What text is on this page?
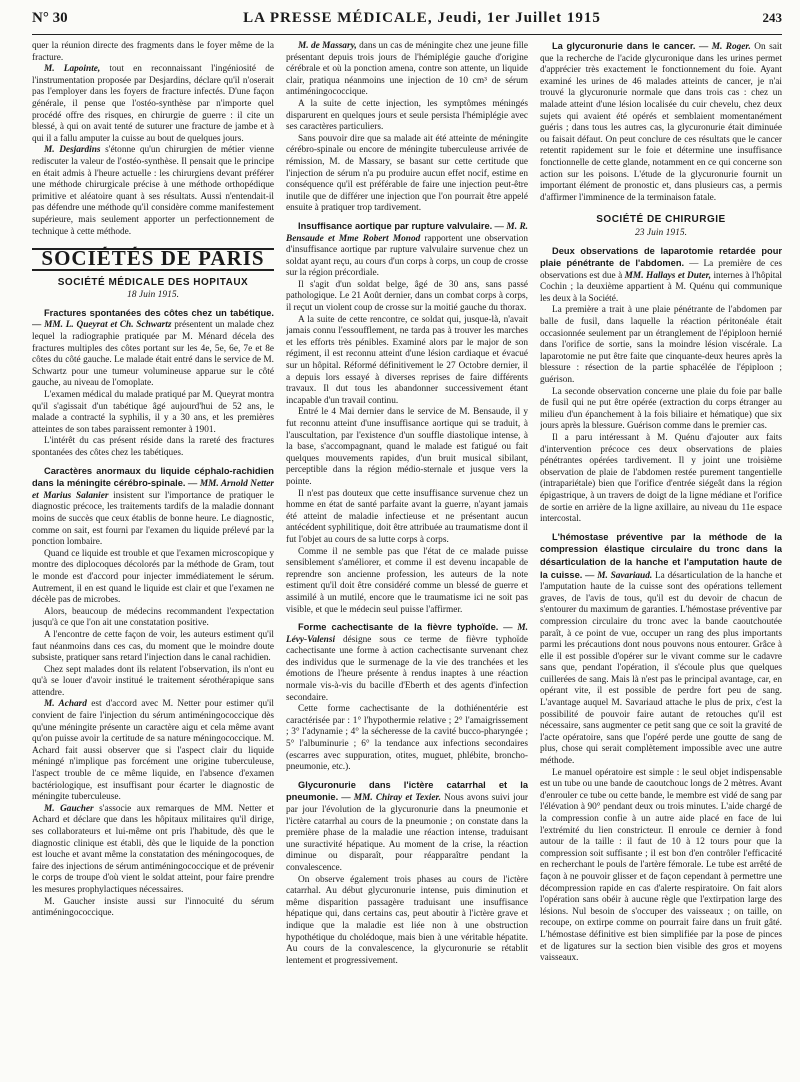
N° 30	LA PRESSE MÉDICALE, Jeudi, 1er Juillet 1915	243

quer la réunion directe des fragments dans le foyer même de la fracture.

M. Lapointe, tout en reconnaissant l'ingéniosité de l'instrumentation proposée par Desjardins, déclare qu'il n'oserait pas l'employer dans les foyers de fracture infectés. D'une façon générale, il pense que l'ostéo-synthèse par n'importe quel procédé offre des risques, en chirurgie de guerre : il cite un blessé, à qui on avait tenté de suturer une fracture de jambe et à qui il a fallu amputer la cuisse au bout de quelques jours.

M. Desjardins s'étonne qu'un chirurgien de métier vienne rediscuter la valeur de l'ostéo-synthèse. Il pensait que le principe en était admis à l'heure actuelle : les chirurgiens devant préférer une méthode chirurgicale précise à une méthode orthopédique primitive et aléatoire quant à ses résultats. Aussi n'entendait-il pas défendre une méthode qu'il considère comme manifestement supérieure, mais seulement apporter un perfectionnement de technique à cette méthode.

SOCIÉTÉS DE PARIS
SOCIÉTÉ MÉDICALE DES HOPITAUX
18 Juin 1915.

Fractures spontanées des côtes chez un tabétique. — MM. L. Queyrat et Ch. Schwartz présentent un malade chez lequel la radiographie pratiquée par M. Ménard décela des fractures multiples des côtes portant sur les 4e, 5e, 6e, 7e et 8e côtes du côté gauche. Le malade était entré dans le service de M. Schwartz pour une tumeur volumineuse apparue sur le côté gauche, au niveau de l'omoplate.

L'examen médical du malade pratiqué par M. Queyrat montra qu'il s'agissait d'un tabétique âgé aujourd'hui de 52 ans, le malade a contracté la syphilis, il y a 30 ans, et les premières atteintes de son tabes paraissent remonter à 1901.

L'intérêt du cas présent réside dans la rareté des fractures spontanées des côtes chez les tabétiques.

Caractères anormaux du liquide céphalo-rachidien dans la méningite cérébro-spinale. — MM. Arnold Netter et Marius Salanier insistent sur l'importance de pratiquer le diagnostic précoce, les traitements tardifs de la maladie donnant moins de succès que ceux établis de bonne heure. Le diagnostic, comme on sait, est fourni par l'examen du liquide prélevé par la ponction lombaire.

Quand ce liquide est trouble et que l'examen microscopique y montre des diplocoques décolorés par la méthode de Gram, tout le monde est d'accord pour injecter immédiatement le sérum. Autrement, il en est quand le liquide est clair et que l'examen ne décèle pas de microbes.

Alors, beaucoup de médecins recommandent l'expectation jusqu'à ce que l'on ait une constatation positive.

A l'encontre de cette façon de voir, les auteurs estiment qu'il faut néanmoins dans ces cas, du moment que le moindre doute subsiste, pratiquer sans retard l'injection dans le canal rachidien.

Chez sept malades dont ils relatent l'observation, ils n'ont eu qu'à se louer d'avoir institué le traitement sérothérapique sans attendre.

M. Achard est d'accord avec M. Netter pour estimer qu'il convient de faire l'injection du sérum antiméningococcique dès qu'une méningite présente un caractère aigu et cela même avant qu'on puisse avoir la certitude de sa nature méningococcique. M. Achard fait aussi observer que si l'aspect clair du liquide méningé n'implique pas forcément une origine tuberculeuse, l'aspect trouble de ce même liquide, en l'absence d'examen bactériologique, est insuffisant pour écarter le diagnostic de méningite tuberculeuse.

M. Gaucher s'associe aux remarques de MM. Netter et Achard et déclare que dans les hôpitaux militaires qu'il dirige, ses collaborateurs et lui-même ont pris l'habitude, dès que le diagnostic clinique est établi, dès que le liquide de la ponction est louche et avant même la constatation des méningocoques, de faire des injections de sérum antiméningococcique et de prévenir le corps de troupe d'où vient le soldat atteint, pour faire prendre les mesures prophylactiques nécessaires.

M. Gaucher insiste aussi sur l'innocuité du sérum antiméningococcique.

M. de Massary, dans un cas de méningite chez une jeune fille présentant depuis trois jours de l'hémiplégie gauche d'origine cérébrale et où la ponction amena, contre son attente, un liquide clair, pratiqua néanmoins une injection de 10 cm³ de sérum antiméningococcique.

A la suite de cette injection, les symptômes méningés disparurent en quelques jours et seule persista l'hémiplégie avec ses caractères particuliers.

Sans pouvoir dire que sa malade ait été atteinte de méningite cérébro-spinale ou encore de méningite tuberculeuse arrivée de rémission, M. de Massary, se basant sur cette certitude que l'injection de sérum n'a pu produire aucun effet nocif, estime en conséquence qu'il est préférable de faire une injection peut-être inutile que de différer une injection que l'on pourrait être appelé ensuite à pratiquer trop tardivement.

Insuffisance aortique par rupture valvulaire. — M. R. Bensaude et Mme Robert Monod rapportent une observation d'insuffisance aortique par rupture valvulaire survenue chez un soldat ayant reçu, au cours d'un corps à corps, un coup de crosse sur la région précordiale.

Il s'agit d'un soldat belge, âgé de 30 ans, sans passé pathologique. Le 21 Août dernier, dans un combat corps à corps, il reçut un violent coup de crosse sur la moitié gauche du thorax.

A la suite de cette rencontre, ce soldat qui, jusque-là, n'avait jamais connu l'essoufflement, ne tarda pas à trouver les marches et les efforts très pénibles. Examiné alors par le major de son régiment, il est reconnu atteint d'une lésion cardiaque et évacué sur un hôpital. Réformé définitivement le 27 Octobre dernier, il a depuis lors essayé à diverses reprises de faire différents travaux. Il dut tous les abandonner successivement étant incapable d'un travail continu.

Entré le 4 Mai dernier dans le service de M. Bensaude, il y fut reconnu atteint d'une insuffisance aortique qui se traduit, à l'auscultation, par l'existence d'un souffle diastolique intense, à la base, s'accompagnant, quand le malade est fatigué ou fait quelques mouvements rapides, d'un bruit musical sibilant, perceptible dans la région médio-sternale et jusque vers la pointe.

Il n'est pas douteux que cette insuffisance survenue chez un homme en état de santé parfaite avant la guerre, n'ayant jamais été atteint de maladie infectieuse et ne présentant aucun antécédent syphilitique, doit être attribuée au traumatisme dont il fut l'objet au cours de sa lutte corps à corps.

Comme il ne semble pas que l'état de ce malade puisse sensiblement s'améliorer, et comme il est devenu incapable de reprendre son ancienne profession, les auteurs de la note estiment qu'il doit être considéré comme un blessé de guerre et assimilé à un mutilé, encore que le traumatisme ici ne soit pas visible, et que le médecin seul puisse l'affirmer.

Forme cachectisante de la fièvre typhoïde. — M. Lévy-Valensi désigne sous ce terme de fièvre typhoïde cachectisante une forme à action cachectisante survenant chez des individus que le surmenage de la vie des tranchées et les émotions de l'heure présente à rendus inaptes à une réaction normale vis-à-vis du bacille d'Eberth et des agents d'infection secondaire.

Cette forme cachectisante de la dothiénentérie est caractérisée par : 1° l'hypothermie relative ; 2° l'amaigrissement ; 3° l'adynamie ; 4° la sécheresse de la cavité bucco-pharyngée ; 5° l'albuminurie ; 6° la tendance aux infections secondaires (escarres avec suppuration, otites, muguet, phlébite, broncho-pneumonie, etc.).

Glycuronurie dans l'ictère catarrhal et la pneumonie. — MM. Chiray et Texier. Nous avons suivi jour par jour l'évolution de la glycuronurie dans la pneumonie et l'ictère catarrhal au cours de la pneumonie ; on constate dans la première phase de la maladie une réaction intense, traduisant une suractivité hépatique. Au moment de la crise, la réaction diminue ou disparaît, pour réapparaître pendant la convalescence.

On observe également trois phases au cours de l'ictère catarrhal. Au début glycuronurie intense, puis diminution et même disparition passagère traduisant une insuffisance hépatique qui, dans certains cas, peut aboutir à l'ictère grave et indique que la maladie est liée non à une obstruction hypothétique du cholédoque, mais bien à une véritable hépatite. Au cours de la convalescence, la glycuronurie se rétablit lentement et progressivement.

La glycuronurie dans le cancer. — M. Roger. On sait que la recherche de l'acide glycuronique dans les urines permet d'apprécier très exactement le fonctionnement du foie. Ayant examiné les urines de 46 malades atteints de cancer, je n'ai trouvé la glycuronurie normale que dans trois cas : chez un malade atteint d'une lésion localisée du cuir chevelu, chez deux sujets qui avaient été opérés et semblaient momentanément guéris ; dans tous les autres cas, la glycuronurie était diminuée ou faisait défaut. On peut conclure de ces résultats que le cancer retentit rapidement sur le foie et détermine une insuffisance fonctionnelle de cette glande, notamment en ce qui concerne son action sur les poisons. L'étude de la glycuronurie fournit un important élément de pronostic et, dans plusieurs cas, a permis d'affirmer l'imminence de la terminaison fatale.

SOCIÉTÉ DE CHIRURGIE
23 Juin 1915.

Deux observations de laparotomie retardée pour plaie pénétrante de l'abdomen. — La première de ces observations est due à MM. Hallays et Duter, internes à l'hôpital Cochin ; la deuxième appartient à M. Quénu qui communique les deux à la Société.

La première a trait à une plaie pénétrante de l'abdomen par balle de fusil, dans laquelle la réaction péritonéale était occasionnée seulement par un étranglement de l'épiploon hernié dans l'orifice de sortie, sans la moindre lésion viscérale. La laparotomie ne put être faite que cinquante-deux heures après la blessure : résection de la partie sphacélée de l'épiploon ; guérison.

La seconde observation concerne une plaie du foie par balle de fusil qui ne put être opérée (extraction du corps étranger au milieu d'un épanchement à la fois biliaire et hématique) que six jours après la blessure. Guérison comme dans le premier cas.

Il a paru intéressant à M. Quénu d'ajouter aux faits d'intervention précoce ces deux observations de plaies pénétrantes opérées tardivement. Il y joint une troisième observation de plaie de l'abdomen restée purement tangentielle (intrapariétale) bien que l'orifice d'entrée siégeât dans la région épigastrique, à un travers de doigt de la ligne médiane et l'orifice de sortie en arrière de la ligne axillaire, au niveau du 11e espace intercostal.

L'hémostase préventive par la méthode de la compression élastique circulaire du tronc dans la désarticulation de la hanche et l'amputation haute de la cuisse. — M. Savariaud. La désarticulation de la hanche et l'amputation haute de la cuisse sont des opérations tellement graves, de l'avis de tous, qu'il est du devoir de chacun de s'entourer du maximum de garanties. L'hémostase préventive par compression circulaire du tronc avec la bande caoutchoutée paraît, à ce point de vue, occuper un rang des plus importants parmi les précautions dont nous pouvons nous entourer. Grâce à elle il est possible d'opérer sur le vivant comme sur le cadavre sans que, pendant l'opération, il s'écoule plus que quelques cuillerées de sang. Mais là n'est pas le principal avantage, car, en opérant vite, il est possible de perdre fort peu de sang. L'avantage auquel M. Savariaud attache le plus de prix, c'est la possibilité de pouvoir faire autant de retouches qu'il est nécessaire, sans augmenter ce petit sang que ce soit la gravité de l'acte opératoire, sans que l'opéré perde une goutte de sang de plus, chose qui serait complètement impossible avec une autre méthode.

Le manuel opératoire est simple : le seul objet indispensable est un tube ou une bande de caoutchouc longs de 2 mètres. Avant d'enrouler ce tube ou cette bande, le membre est vidé de sang par l'élévation à 90° pendant deux ou trois minutes. L'aide chargé de la compression confie à un autre aide placé en face de lui l'extrémité du lien constricteur. Il enroule ce dernier à fond autour de la taille : il faut de 10 à 12 tours pour que la compression soit suffisante ; il est bon d'en contrôler l'efficacité en recherchant le pouls de l'artère fémorale. Le tube est arrêté de façon à ne pouvoir glisser et de façon cependant à permettre une décompression rapide en cas d'alerte respiratoire. On fait alors l'opération sans obéir à aucune règle que l'extirpation large des lésions. Nul besoin de s'occuper des vaisseaux ; on taille, on recoupe, on extirpe comme on pourrait faire dans un fruit gâté. L'hémostase définitive est bien simplifiée par la pose de pinces et de ligatures sur la section bien visible des gros et moyens vaisseaux.
